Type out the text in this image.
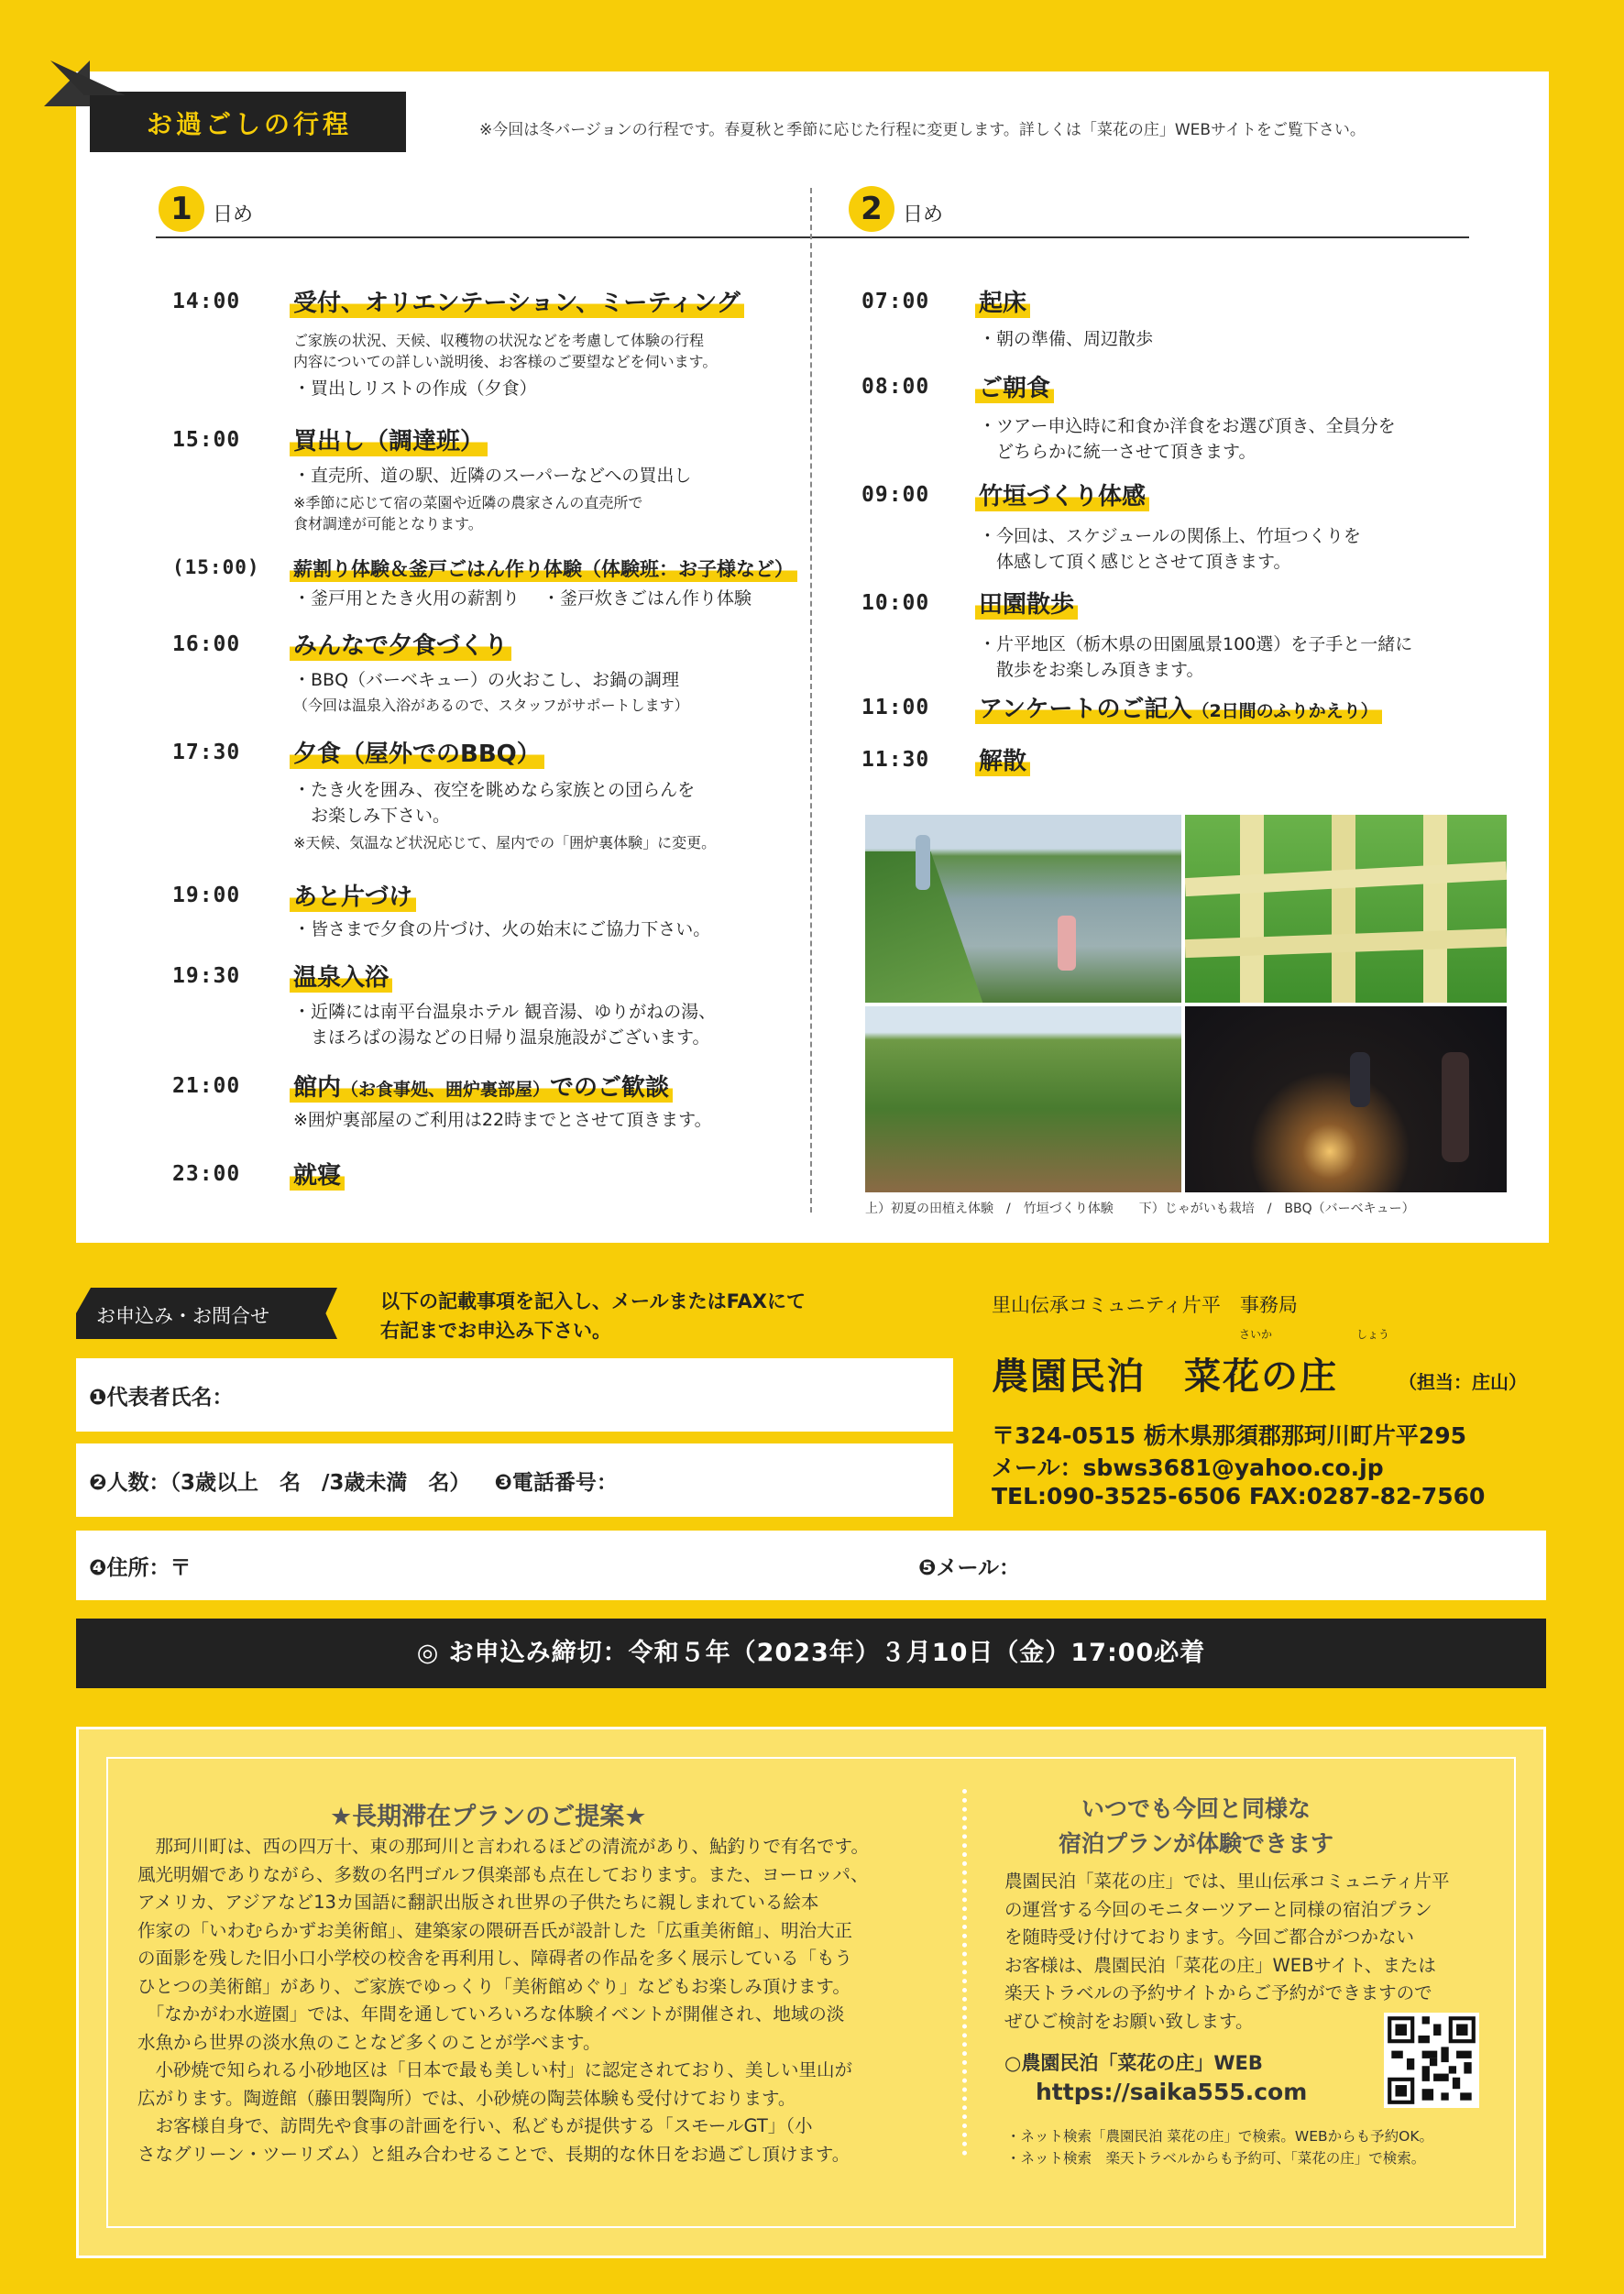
お過ごしの行程	※今回は冬バージョンの行程です。春夏秋と季節に応じた行程に変更します。詳しくは「菜花の庄」WEBサイトをご覧下さい。
1	日め	2	日め
14:00 受付、オリエンテーション、ミーティング
ご家族の状況、天候、収穫物の状況などを考慮して体験の行程
内容についての詳しい説明後、お客様のご要望などを伺います。
・買出しリストの作成（夕食）
15:00 買出し（調達班）
・直売所、道の駅、近隣のスーパーなどへの買出し
※季節に応じて宿の菜園や近隣の農家さんの直売所で
食材調達が可能となります。
(15:00) 薪割り体験＆釜戸ごはん作り体験（体験班：お子様など）
・釜戸用とたき火用の薪割り　 ・釜戸炊きごはん作り体験
16:00 みんなで夕食づくり
・BBQ（バーベキュー）の火おこし、お鍋の調理
（今回は温泉入浴があるので、スタッフがサポートします）
17:30 夕食（屋外でのBBQ）
・たき火を囲み、夜空を眺めなら家族との団らんを
　お楽しみ下さい。
※天候、気温など状況応じて、屋内での「囲炉裏体験」に変更。
19:00 あと片づけ
・皆さまで夕食の片づけ、火の始末にご協力下さい。
19:30 温泉入浴
・近隣には南平台温泉ホテル 観音湯、ゆりがねの湯、
　まほろばの湯などの日帰り温泉施設がございます。
21:00 館内（お食事処、囲炉裏部屋）でのご歓談
※囲炉裏部屋のご利用は22時までとさせて頂きます。
23:00 就寝
07:00 起床
・朝の準備、周辺散歩
08:00 ご朝食
・ツアー申込時に和食か洋食をお選び頂き、全員分を
　どちらかに統一させて頂きます。
09:00 竹垣づくり体感
・今回は、スケジュールの関係上、竹垣つくりを
　体感して頂く感じとさせて頂きます。
10:00 田園散歩
・片平地区（栃木県の田園風景100選）を子手と一緒に
　散歩をお楽しみ頂きます。
11:00 アンケートのご記入（2日間のふりかえり）
11:30 解散
上）初夏の田植え体験　/　竹垣づくり体験　　下）じゃがいも栽培　/　BBQ（バーベキュー）
お申込み・お問合せ
以下の記載事項を記入し、メールまたはFAXにて
右記までお申込み下さい。
❶代表者氏名：
❷人数：（3歳以上　名　/3歳未満　名） ❸電話番号：
❹住所：〒	❺メール：
◎ お申込み締切：令和５年（2023年）３月10日（金）17:00必着
里山伝承コミュニティ片平　事務局
さいか	しょう
農園民泊　菜花の庄	（担当：庄山）
〒324-0515 栃木県那須郡那珂川町片平295
メール：sbws3681@yahoo.co.jp
TEL:090-3525-6506 FAX:0287-82-7560
★長期滞在プランのご提案★
　那珂川町は、西の四万十、東の那珂川と言われるほどの清流があり、鮎釣りで有名です。
風光明媚でありながら、多数の名門ゴルフ倶楽部も点在しております。また、ヨーロッパ、
アメリカ、アジアなど13カ国語に翻訳出版され世界の子供たちに親しまれている絵本
作家の「いわむらかずお美術館」、建築家の隈研吾氏が設計した「広重美術館」、明治大正
の面影を残した旧小口小学校の校舎を再利用し、障碍者の作品を多く展示している「もう
ひとつの美術館」があり、ご家族でゆっくり「美術館めぐり」などもお楽しみ頂けます。
　「なかがわ水遊園」では、年間を通していろいろな体験イベントが開催され、地域の淡
水魚から世界の淡水魚のことなど多くのことが学べます。
　小砂焼で知られる小砂地区は「日本で最も美しい村」に認定されており、美しい里山が
広がります。陶遊館（藤田製陶所）では、小砂焼の陶芸体験も受付けております。
　お客様自身で、訪問先や食事の計画を行い、私どもが提供する「スモールGT」（小
さなグリーン・ツーリズム）と組み合わせることで、長期的な休日をお過ごし頂けます。
いつでも今回と同様な
宿泊プランが体験できます
農園民泊「菜花の庄」では、里山伝承コミュニティ片平
の運営する今回のモニターツアーと同様の宿泊プラン
を随時受け付けております。今回ご都合がつかない
お客様は、農園民泊「菜花の庄」WEBサイト、または
楽天トラベルの予約サイトからご予約ができますので
ぜひご検討をお願い致します。
○農園民泊「菜花の庄」WEB
https://saika555.com
・ネット検索「農園民泊 菜花の庄」で検索。WEBからも予約OK。
・ネット検索　楽天トラベルからも予約可、「菜花の庄」で検索。
